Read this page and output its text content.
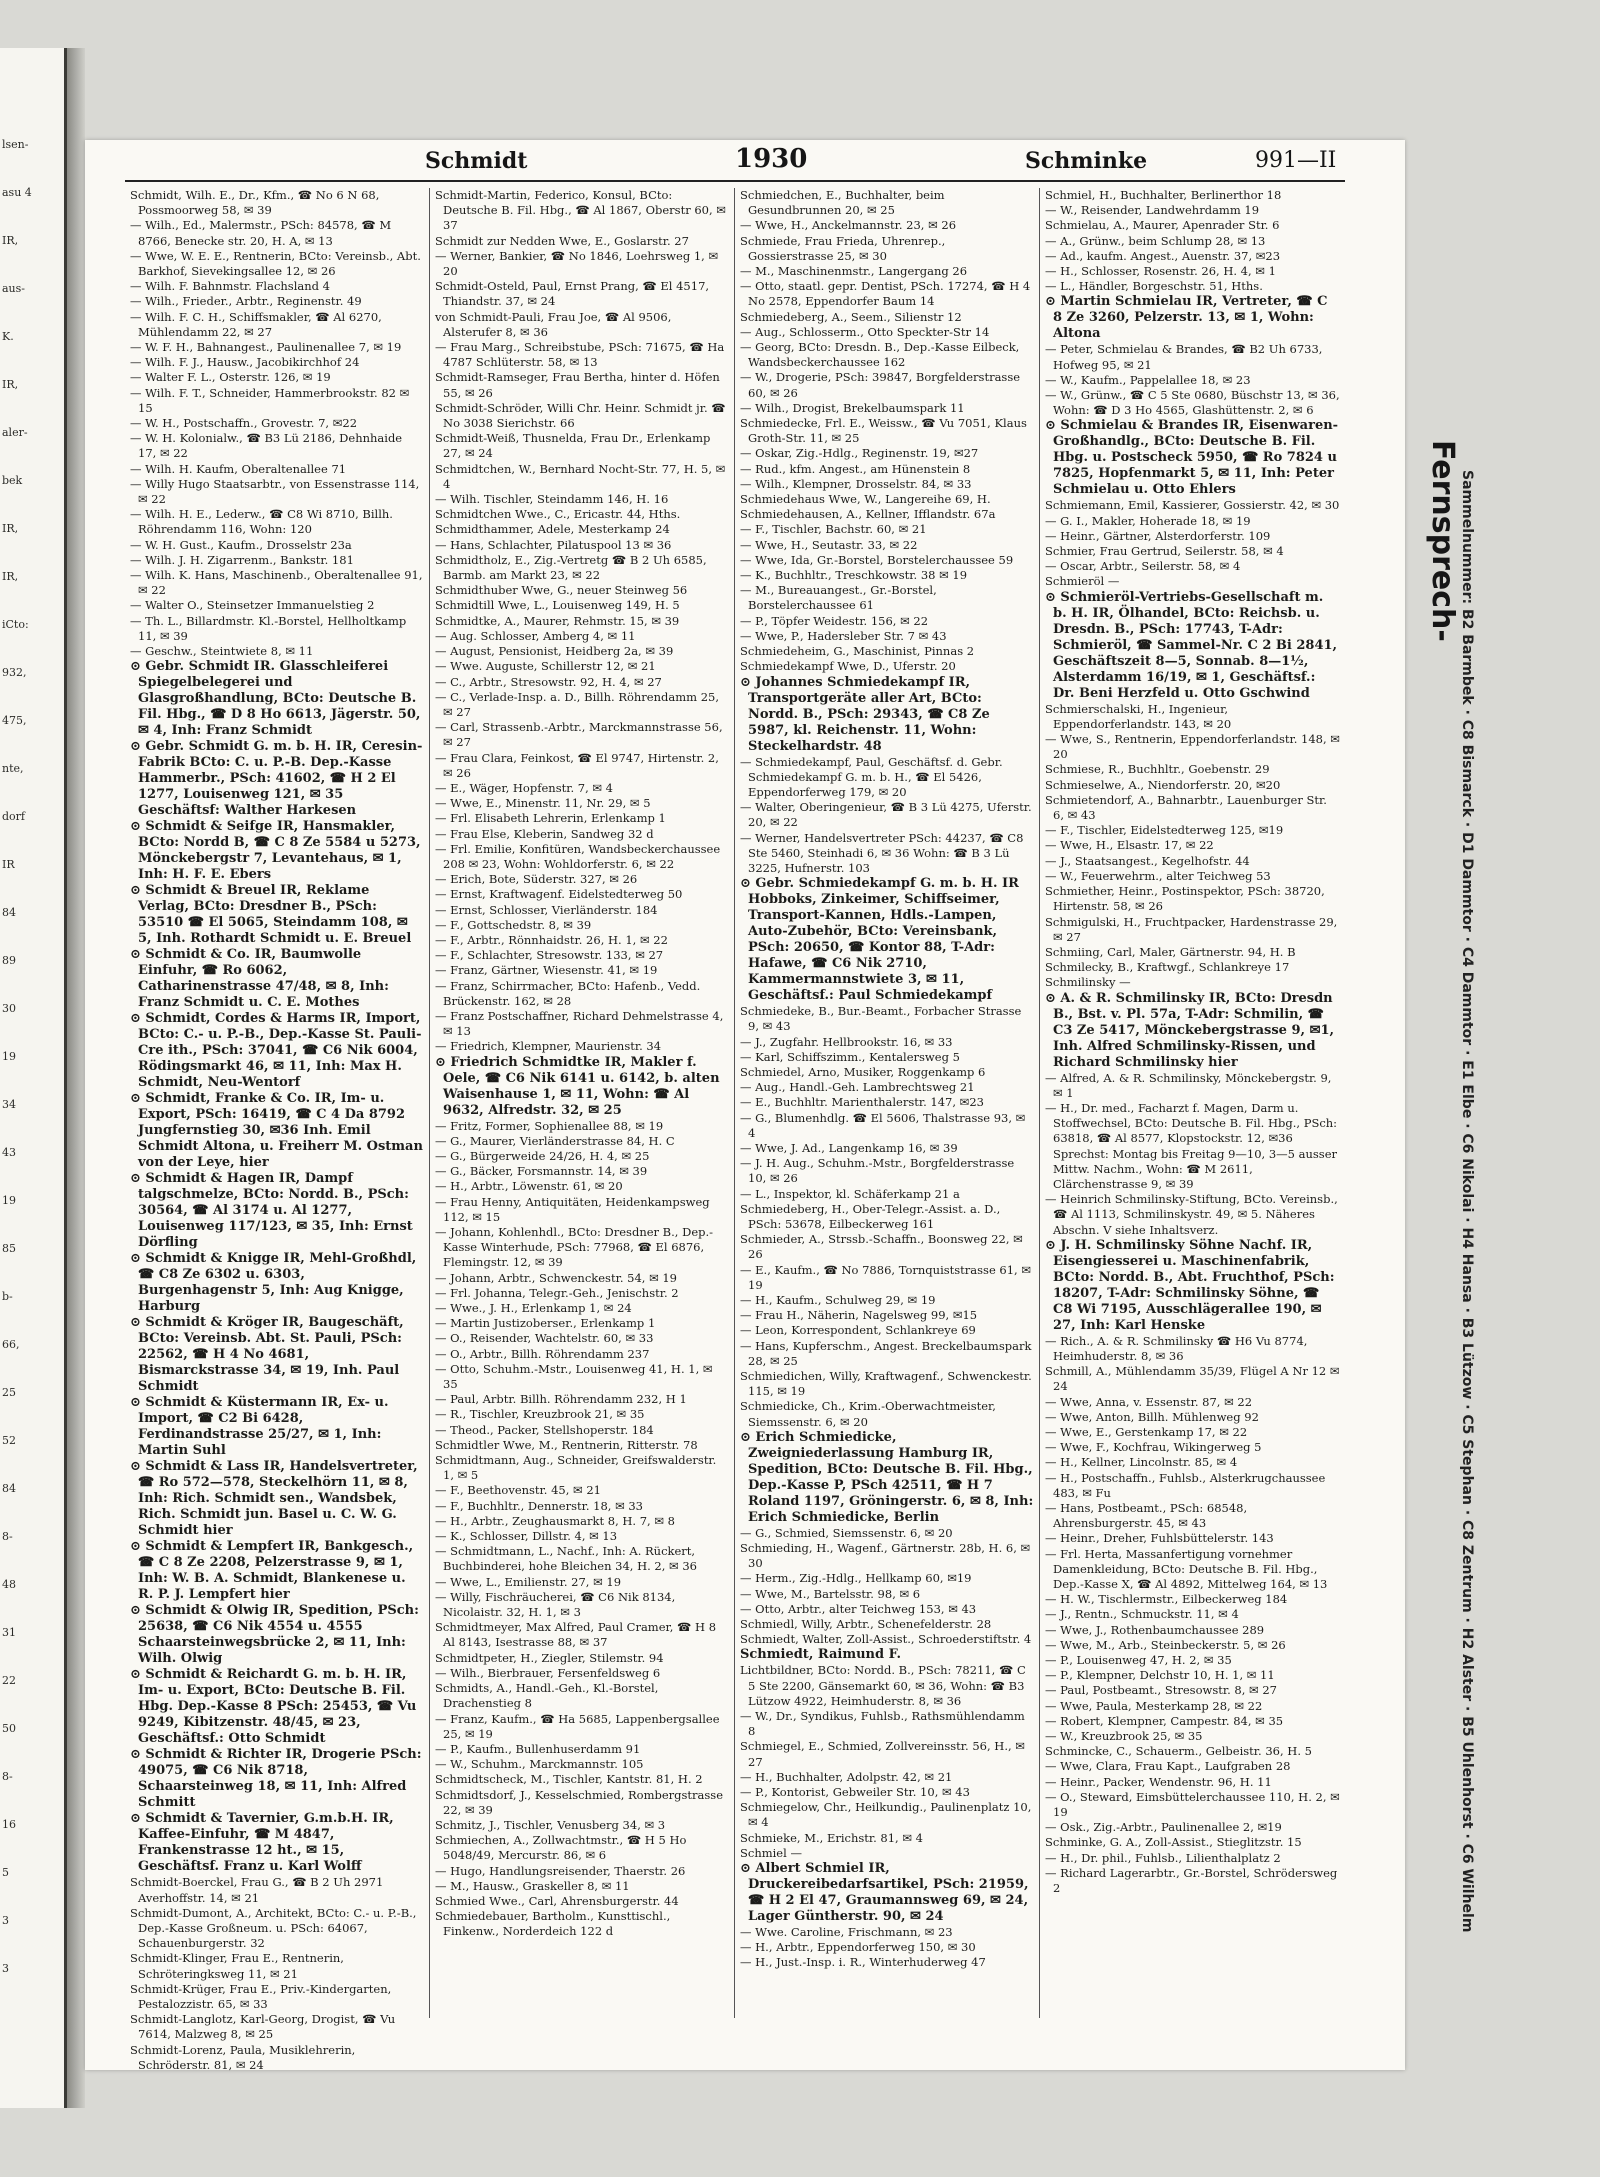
lsen-
asu 4
IR,
aus-
K.
IR,
aler-
bek
IR,
IR,
iCto:
932,
475,
nte,
dorf
IR
84
89
30
19
34
43
19
85
b-
66,
25
52
84
8-
48
31
22
50
8-
16
5
3
3
Schmidt	1930	Schminke	991—II

Schmidt, Wilh. E., Dr., Kfm., ☎ No 6 N 68, Possmoorweg 58, ✉ 39

— Wilh., Ed., Malermstr., PSch: 84578, ☎ M 8766, Benecke str. 20, H. A, ✉ 13

— Wwe, W. E. E., Rentnerin, BCto: Vereinsb., Abt. Barkhof, Sievekingsallee 12, ✉ 26

— Wilh. F. Bahnmstr. Flachsland 4

— Wilh., Frieder., Arbtr., Reginenstr. 49

— Wilh. F. C. H., Schiffsmakler, ☎ Al 6270, Mühlendamm 22, ✉ 27

— W. F. H., Bahnangest., Paulinenallee 7, ✉ 19

— Wilh. F. J., Hausw., Jacobikirchhof 24

— Walter F. L., Osterstr. 126, ✉ 19

— Wilh. F. T., Schneider, Hammerbrookstr. 82 ✉ 15

— W. H., Postschaffn., Grovestr. 7, ✉22

— W. H. Kolonialw., ☎ B3 Lü 2186, Dehnhaide 17, ✉ 22

— Wilh. H. Kaufm, Oberaltenallee 71

— Willy Hugo Staatsarbtr., von Essenstrasse 114, ✉ 22

— Wilh. H. E., Lederw., ☎ C8 Wi 8710, Billh. Röhrendamm 116, Wohn: 120

— W. H. Gust., Kaufm., Drosselstr 23a

— Wilh. J. H. Zigarrenm., Bankstr. 181

— Wilh. K. Hans, Maschinenb., Oberaltenallee 91, ✉ 22

— Walter O., Steinsetzer Immanuelstieg 2

— Th. L., Billardmstr. Kl.-Borstel, Hellholtkamp 11, ✉ 39

— Geschw., Steintwiete 8, ✉ 11

⊙ Gebr. Schmidt IR. Glasschleiferei Spiegelbelegerei und Glasgroßhandlung, BCto: Deutsche B. Fil. Hbg., ☎ D 8 Ho 6613, Jägerstr. 50, ✉ 4, Inh: Franz Schmidt

⊙ Gebr. Schmidt G. m. b. H. IR, Ceresin-Fabrik BCto: C. u. P.-B. Dep.-Kasse Hammerbr., PSch: 41602, ☎ H 2 El 1277, Louisenweg 121, ✉ 35 Geschäftsf: Walther Harkesen

⊙ Schmidt & Seifge IR, Hansmakler, BCto: Nordd B, ☎ C 8 Ze 5584 u 5273, Mönckebergstr 7, Levantehaus, ✉ 1, Inh: H. F. E. Ebers

⊙ Schmidt & Breuel IR, Reklame Verlag, BCto: Dresdner B., PSch: 53510 ☎ El 5065, Steindamm 108, ✉ 5, Inh. Rothardt Schmidt u. E. Breuel

⊙ Schmidt & Co. IR, Baumwolle Einfuhr, ☎ Ro 6062, Catharinenstrasse 47/48, ✉ 8, Inh: Franz Schmidt u. C. E. Mothes

⊙ Schmidt, Cordes & Harms IR, Import, BCto: C.- u. P.-B., Dep.-Kasse St. Pauli-Cre ith., PSch: 37041, ☎ C6 Nik 6004, Rödingsmarkt 46, ✉ 11, Inh: Max H. Schmidt, Neu-Wentorf

⊙ Schmidt, Franke & Co. IR, Im- u. Export, PSch: 16419, ☎ C 4 Da 8792 Jungfernstieg 30, ✉36 Inh. Emil Schmidt Altona, u. Freiherr M. Ostman von der Leye, hier

⊙ Schmidt & Hagen IR, Dampf talgschmelze, BCto: Nordd. B., PSch: 30564, ☎ Al 3174 u. Al 1277, Louisenweg 117/123, ✉ 35, Inh: Ernst Dörfling

⊙ Schmidt & Knigge IR, Mehl-Großhdl, ☎ C8 Ze 6302 u. 6303, Burgenhagenstr 5, Inh: Aug Knigge, Harburg

⊙ Schmidt & Kröger IR, Baugeschäft, BCto: Vereinsb. Abt. St. Pauli, PSch: 22562, ☎ H 4 No 4681, Bismarckstrasse 34, ✉ 19, Inh. Paul Schmidt

⊙ Schmidt & Küstermann IR, Ex- u. Import, ☎ C2 Bi 6428, Ferdinandstrasse 25/27, ✉ 1, Inh: Martin Suhl

⊙ Schmidt & Lass IR, Handelsvertreter, ☎ Ro 572—578, Steckelhörn 11, ✉ 8, Inh: Rich. Schmidt sen., Wandsbek, Rich. Schmidt jun. Basel u. C. W. G. Schmidt hier

⊙ Schmidt & Lempfert IR, Bankgesch., ☎ C 8 Ze 2208, Pelzerstrasse 9, ✉ 1, Inh: W. B. A. Schmidt, Blankenese u. R. P. J. Lempfert hier

⊙ Schmidt & Olwig IR, Spedition, PSch: 25638, ☎ C6 Nik 4554 u. 4555 Schaarsteinwegsbrücke 2, ✉ 11, Inh: Wilh. Olwig

⊙ Schmidt & Reichardt G. m. b. H. IR, Im- u. Export, BCto: Deutsche B. Fil. Hbg. Dep.-Kasse 8 PSch: 25453, ☎ Vu 9249, Kibitzenstr. 48/45, ✉ 23, Geschäftsf.: Otto Schmidt

⊙ Schmidt & Richter IR, Drogerie PSch: 49075, ☎ C6 Nik 8718, Schaarsteinweg 18, ✉ 11, Inh: Alfred Schmitt

⊙ Schmidt & Tavernier, G.m.b.H. IR, Kaffee-Einfuhr, ☎ M 4847, Frankenstrasse 12 ht., ✉ 15, Geschäftsf. Franz u. Karl Wolff

Schmidt-Boerckel, Frau G., ☎ B 2 Uh 2971 Averhoffstr. 14, ✉ 21

Schmidt-Dumont, A., Architekt, BCto: C.- u. P.-B., Dep.-Kasse Großneum. u. PSch: 64067, Schauenburgerstr. 32

Schmidt-Klinger, Frau E., Rentnerin, Schröteringksweg 11, ✉ 21

Schmidt-Krüger, Frau E., Priv.-Kindergarten, Pestalozzistr. 65, ✉ 33

Schmidt-Langlotz, Karl-Georg, Drogist, ☎ Vu 7614, Malzweg 8, ✉ 25

Schmidt-Lorenz, Paula, Musiklehrerin, Schröderstr. 81, ✉ 24

Schmidt-Martin, Federico, Konsul, BCto: Deutsche B. Fil. Hbg., ☎ Al 1867, Oberstr 60, ✉ 37

Schmidt zur Nedden Wwe, E., Goslarstr. 27

— Werner, Bankier, ☎ No 1846, Loehrsweg 1, ✉ 20

Schmidt-Osteld, Paul, Ernst Prang, ☎ El 4517, Thiandstr. 37, ✉ 24

von Schmidt-Pauli, Frau Joe, ☎ Al 9506, Alsterufer 8, ✉ 36

— Frau Marg., Schreibstube, PSch: 71675, ☎ Ha 4787 Schlüterstr. 58, ✉ 13

Schmidt-Ramseger, Frau Bertha, hinter d. Höfen 55, ✉ 26

Schmidt-Schröder, Willi Chr. Heinr. Schmidt jr. ☎ No 3038 Sierichstr. 66

Schmidt-Weiß, Thusnelda, Frau Dr., Erlenkamp 27, ✉ 24

Schmidtchen, W., Bernhard Nocht-Str. 77, H. 5, ✉ 4

— Wilh. Tischler, Steindamm 146, H. 16

Schmidtchen Wwe., C., Ericastr. 44, Hths.

Schmidthammer, Adele, Mesterkamp 24

— Hans, Schlachter, Pilatuspool 13 ✉ 36

Schmidtholz, E., Zig.-Vertretg ☎ B 2 Uh 6585, Barmb. am Markt 23, ✉ 22

Schmidthuber Wwe, G., neuer Steinweg 56

Schmidtill Wwe, L., Louisenweg 149, H. 5

Schmidtke, A., Maurer, Rehmstr. 15, ✉ 39

— Aug. Schlosser, Amberg 4, ✉ 11

— August, Pensionist, Heidberg 2a, ✉ 39

— Wwe. Auguste, Schillerstr 12, ✉ 21

— C., Arbtr., Stresowstr. 92, H. 4, ✉ 27

— C., Verlade-Insp. a. D., Billh. Röhrendamm 25, ✉ 27

— Carl, Strassenb.-Arbtr., Marckmannstrasse 56, ✉ 27

— Frau Clara, Feinkost, ☎ El 9747, Hirtenstr. 2, ✉ 26

— E., Wäger, Hopfenstr. 7, ✉ 4

— Wwe, E., Minenstr. 11, Nr. 29, ✉ 5

— Frl. Elisabeth Lehrerin, Erlenkamp 1

— Frau Else, Kleberin, Sandweg 32 d

— Frl. Emilie, Konfitüren, Wandsbeckerchaussee 208 ✉ 23, Wohn: Wohldorferstr. 6, ✉ 22

— Erich, Bote, Süderstr. 327, ✉ 26

— Ernst, Kraftwagenf. Eidelstedterweg 50

— Ernst, Schlosser, Vierländerstr. 184

— F., Gottschedstr. 8, ✉ 39

— F., Arbtr., Rönnhaidstr. 26, H. 1, ✉ 22

— F., Schlachter, Stresowstr. 133, ✉ 27

— Franz, Gärtner, Wiesenstr. 41, ✉ 19

— Franz, Schirrmacher, BCto: Hafenb., Vedd. Brückenstr. 162, ✉ 28

— Franz Postschaffner, Richard Dehmelstrasse 4, ✉ 13

— Friedrich, Klempner, Maurienstr. 34

⊙ Friedrich Schmidtke IR, Makler f. Oele, ☎ C6 Nik 6141 u. 6142, b. alten Waisenhause 1, ✉ 11, Wohn: ☎ Al 9632, Alfredstr. 32, ✉ 25

— Fritz, Former, Sophienallee 88, ✉ 19

— G., Maurer, Vierländerstrasse 84, H. C

— G., Bürgerweide 24/26, H. 4, ✉ 25

— G., Bäcker, Forsmannstr. 14, ✉ 39

— H., Arbtr., Löwenstr. 61, ✉ 20

— Frau Henny, Antiquitäten, Heidenkampsweg 112, ✉ 15

— Johann, Kohlenhdl., BCto: Dresdner B., Dep.-Kasse Winterhude, PSch: 77968, ☎ El 6876, Flemingstr. 12, ✉ 39

— Johann, Arbtr., Schwenckestr. 54, ✉ 19

— Frl. Johanna, Telegr.-Geh., Jenischstr. 2

— Wwe., J. H., Erlenkamp 1, ✉ 24

— Martin Justizoberser., Erlenkamp 1

— O., Reisender, Wachtelstr. 60, ✉ 33

— O., Arbtr., Billh. Röhrendamm 237

— Otto, Schuhm.-Mstr., Louisenweg 41, H. 1, ✉ 35

— Paul, Arbtr. Billh. Röhrendamm 232, H 1

— R., Tischler, Kreuzbrook 21, ✉ 35

— Theod., Packer, Stellshoperstr. 184

Schmidtler Wwe, M., Rentnerin, Ritterstr. 78

Schmidtmann, Aug., Schneider, Greifswalderstr. 1, ✉ 5

— F., Beethovenstr. 45, ✉ 21

— F., Buchhltr., Dennerstr. 18, ✉ 33

— H., Arbtr., Zeughausmarkt 8, H. 7, ✉ 8

— K., Schlosser, Dillstr. 4, ✉ 13

— Schmidtmann, L., Nachf., Inh: A. Rückert, Buchbinderei, hohe Bleichen 34, H. 2, ✉ 36

— Wwe, L., Emilienstr. 27, ✉ 19

— Willy, Fischräucherei, ☎ C6 Nik 8134, Nicolaistr. 32, H. 1, ✉ 3

Schmidtmeyer, Max Alfred, Paul Cramer, ☎ H 8 Al 8143, Isestrasse 88, ✉ 37

Schmidtpeter, H., Ziegler, Stilemstr. 94

— Wilh., Bierbrauer, Fersenfeldsweg 6

Schmidts, A., Handl.-Geh., Kl.-Borstel, Drachenstieg 8

— Franz, Kaufm., ☎ Ha 5685, Lappenbergsallee 25, ✉ 19

— P., Kaufm., Bullenhuserdamm 91

— W., Schuhm., Marckmannstr. 105

Schmidtscheck, M., Tischler, Kantstr. 81, H. 2

Schmidtsdorf, J., Kesselschmied, Rombergstrasse 22, ✉ 39

Schmitz, J., Tischler, Venusberg 34, ✉ 3

Schmiechen, A., Zollwachtmstr., ☎ H 5 Ho 5048/49, Mercurstr. 86, ✉ 6

— Hugo, Handlungsreisender, Thaerstr. 26

— M., Hausw., Graskeller 8, ✉ 11

Schmied Wwe., Carl, Ahrensburgerstr. 44

Schmiedebauer, Bartholm., Kunsttischl., Finkenw., Norderdeich 122 d

Schmiedchen, E., Buchhalter, beim Gesundbrunnen 20, ✉ 25

— Wwe, H., Anckelmannstr. 23, ✉ 26

Schmiede, Frau Frieda, Uhrenrep., Gossierstrasse 25, ✉ 30

— M., Maschinenmstr., Langergang 26

— Otto, staatl. gepr. Dentist, PSch. 17274, ☎ H 4 No 2578, Eppendorfer Baum 14

Schmiedeberg, A., Seem., Silienstr 12

— Aug., Schlosserm., Otto Speckter-Str 14

— Georg, BCto: Dresdn. B., Dep.-Kasse Eilbeck, Wandsbeckerchaussee 162

— W., Drogerie, PSch: 39847, Borgfelderstrasse 60, ✉ 26

— Wilh., Drogist, Brekelbaumspark 11

Schmiedecke, Frl. E., Weissw., ☎ Vu 7051, Klaus Groth-Str. 11, ✉ 25

— Oskar, Zig.-Hdlg., Reginenstr. 19, ✉27

— Rud., kfm. Angest., am Hünenstein 8

— Wilh., Klempner, Drosselstr. 84, ✉ 33

Schmiedehaus Wwe, W., Langereihe 69, H.

Schmiedehausen, A., Kellner, Ifflandstr. 67a

— F., Tischler, Bachstr. 60, ✉ 21

— Wwe, H., Seutastr. 33, ✉ 22

— Wwe, Ida, Gr.-Borstel, Borstelerchaussee 59

— K., Buchhltr., Treschkowstr. 38 ✉ 19

— M., Bureauangest., Gr.-Borstel, Borstelerchaussee 61

— P., Töpfer Weidestr. 156, ✉ 22

— Wwe, P., Hadersleber Str. 7 ✉ 43

Schmiedeheim, G., Maschinist, Pinnas 2

Schmiedekampf Wwe, D., Uferstr. 20

⊙ Johannes Schmiedekampf IR, Transportgeräte aller Art, BCto: Nordd. B., PSch: 29343, ☎ C8 Ze 5987, kl. Reichenstr. 11, Wohn: Steckelhardstr. 48

— Schmiedekampf, Paul, Geschäftsf. d. Gebr. Schmiedekampf G. m. b. H., ☎ El 5426, Eppendorferweg 179, ✉ 20

— Walter, Oberingenieur, ☎ B 3 Lü 4275, Uferstr. 20, ✉ 22

— Werner, Handelsvertreter PSch: 44237, ☎ C8 Ste 5460, Steinhadi 6, ✉ 36 Wohn: ☎ B 3 Lü 3225, Hufnerstr. 103

⊙ Gebr. Schmiedekampf G. m. b. H. IR Hobboks, Zinkeimer, Schiffseimer, Transport-Kannen, Hdls.-Lampen, Auto-Zubehör, BCto: Vereinsbank, PSch: 20650, ☎ Kontor 88, T-Adr: Hafawe, ☎ C6 Nik 2710, Kammermannstwiete 3, ✉ 11, Geschäftsf.: Paul Schmiedekampf

Schmiedeke, B., Bur.-Beamt., Forbacher Strasse 9, ✉ 43

— J., Zugfahr. Hellbrookstr. 16, ✉ 33

— Karl, Schiffszimm., Kentalersweg 5

Schmiedel, Arno, Musiker, Roggenkamp 6

— Aug., Handl.-Geh. Lambrechtsweg 21

— E., Buchhltr. Marienthalerstr. 147, ✉23

— G., Blumenhdlg. ☎ El 5606, Thalstrasse 93, ✉ 4

— Wwe, J. Ad., Langenkamp 16, ✉ 39

— J. H. Aug., Schuhm.-Mstr., Borgfelderstrasse 10, ✉ 26

— L., Inspektor, kl. Schäferkamp 21 a

Schmiedeberg, H., Ober-Telegr.-Assist. a. D., PSch: 53678, Eilbeckerweg 161

Schmieder, A., Strssb.-Schaffn., Boonsweg 22, ✉ 26

— E., Kaufm., ☎ No 7886, Tornquiststrasse 61, ✉ 19

— H., Kaufm., Schulweg 29, ✉ 19

— Frau H., Näherin, Nagelsweg 99, ✉15

— Leon, Korrespondent, Schlankreye 69

— Hans, Kupferschm., Angest. Breckelbaumspark 28, ✉ 25

Schmiedichen, Willy, Kraftwagenf., Schwenckestr. 115, ✉ 19

Schmiedicke, Ch., Krim.-Oberwachtmeister, Siemssenstr. 6, ✉ 20

⊙ Erich Schmiedicke, Zweigniederlassung Hamburg IR, Spedition, BCto: Deutsche B. Fil. Hbg., Dep.-Kasse P, PSch 42511, ☎ H 7 Roland 1197, Gröningerstr. 6, ✉ 8, Inh: Erich Schmiedicke, Berlin

— G., Schmied, Siemssenstr. 6, ✉ 20

Schmieding, H., Wagenf., Gärtnerstr. 28b, H. 6, ✉ 30

— Herm., Zig.-Hdlg., Hellkamp 60, ✉19

— Wwe, M., Bartelsstr. 98, ✉ 6

— Otto, Arbtr., alter Teichweg 153, ✉ 43

Schmiedl, Willy, Arbtr., Schenefelderstr. 28

Schmiedt, Walter, Zoll-Assist., Schroederstiftstr. 4

Schmiedt, Raimund F.

Lichtbildner, BCto: Nordd. B., PSch: 78211, ☎ C 5 Ste 2200, Gänsemarkt 60, ✉ 36, Wohn: ☎ B3 Lützow 4922, Heimhuderstr. 8, ✉ 36

— W., Dr., Syndikus, Fuhlsb., Rathsmühlendamm 8

Schmiegel, E., Schmied, Zollvereinsstr. 56, H., ✉ 27

— H., Buchhalter, Adolpstr. 42, ✉ 21

— P., Kontorist, Gebweiler Str. 10, ✉ 43

Schmiegelow, Chr., Heilkundig., Paulinenplatz 10, ✉ 4

Schmieke, M., Erichstr. 81, ✉ 4

Schmiel —

⊙ Albert Schmiel IR, Druckereibedarfsartikel, PSch: 21959, ☎ H 2 El 47, Graumannsweg 69, ✉ 24, Lager Güntherstr. 90, ✉ 24

— Wwe. Caroline, Frischmann, ✉ 23

— H., Arbtr., Eppendorferweg 150, ✉ 30

— H., Just.-Insp. i. R., Winterhuderweg 47

Schmiel, H., Buchhalter, Berlinerthor 18

— W., Reisender, Landwehrdamm 19

Schmielau, A., Maurer, Apenrader Str. 6

— A., Grünw., beim Schlump 28, ✉ 13

— Ad., kaufm. Angest., Auenstr. 37, ✉23

— H., Schlosser, Rosenstr. 26, H. 4, ✉ 1

— L., Händler, Borgeschstr. 51, Hths.

⊙ Martin Schmielau IR, Vertreter, ☎ C 8 Ze 3260, Pelzerstr. 13, ✉ 1, Wohn: Altona

— Peter, Schmielau & Brandes, ☎ B2 Uh 6733, Hofweg 95, ✉ 21

— W., Kaufm., Pappelallee 18, ✉ 23

— W., Grünw., ☎ C 5 Ste 0680, Büschstr 13, ✉ 36, Wohn: ☎ D 3 Ho 4565, Glashüttenstr. 2, ✉ 6

⊙ Schmielau & Brandes IR, Eisenwaren-Großhandlg., BCto: Deutsche B. Fil. Hbg. u. Postscheck 5950, ☎ Ro 7824 u 7825, Hopfenmarkt 5, ✉ 11, Inh: Peter Schmielau u. Otto Ehlers

Schmiemann, Emil, Kassierer, Gossierstr. 42, ✉ 30

— G. I., Makler, Hoherade 18, ✉ 19

— Heinr., Gärtner, Alsterdorferstr. 109

Schmier, Frau Gertrud, Seilerstr. 58, ✉ 4

— Oscar, Arbtr., Seilerstr. 58, ✉ 4

Schmieröl —

⊙ Schmieröl-Vertriebs-Gesellschaft m. b. H. IR, Ölhandel, BCto: Reichsb. u. Dresdn. B., PSch: 17743, T-Adr: Schmieröl, ☎ Sammel-Nr. C 2 Bi 2841, Geschäftszeit 8—5, Sonnab. 8—1½, Alsterdamm 16/19, ✉ 1, Geschäftsf.: Dr. Beni Herzfeld u. Otto Gschwind

Schmierschalski, H., Ingenieur, Eppendorferlandstr. 143, ✉ 20

— Wwe, S., Rentnerin, Eppendorferlandstr. 148, ✉ 20

Schmiese, R., Buchhltr., Goebenstr. 29

Schmieselwe, A., Niendorferstr. 20, ✉20

Schmietendorf, A., Bahnarbtr., Lauenburger Str. 6, ✉ 43

— F., Tischler, Eidelstedterweg 125, ✉19

— Wwe, H., Elsastr. 17, ✉ 22

— J., Staatsangest., Kegelhofstr. 44

— W., Feuerwehrm., alter Teichweg 53

Schmiether, Heinr., Postinspektor, PSch: 38720, Hirtenstr. 58, ✉ 26

Schmigulski, H., Fruchtpacker, Hardenstrasse 29, ✉ 27

Schmiing, Carl, Maler, Gärtnerstr. 94, H. B

Schmilecky, B., Kraftwgf., Schlankreye 17

Schmilinsky —

⊙ A. & R. Schmilinsky IR, BCto: Dresdn B., Bst. v. Pl. 57a, T-Adr: Schmilin, ☎ C3 Ze 5417, Mönckebergstrasse 9, ✉1, Inh. Alfred Schmilinsky-Rissen, und Richard Schmilinsky hier

— Alfred, A. & R. Schmilinsky, Mönckebergstr. 9, ✉ 1

— H., Dr. med., Facharzt f. Magen, Darm u. Stoffwechsel, BCto: Deutsche B. Fil. Hbg., PSch: 63818, ☎ Al 8577, Klopstockstr. 12, ✉36 Sprechst: Montag bis Freitag 9—10, 3—5 ausser Mittw. Nachm., Wohn: ☎ M 2611, Clärchenstrasse 9, ✉ 39

— Heinrich Schmilinsky-Stiftung, BCto. Vereinsb., ☎ Al 1113, Schmilinskystr. 49, ✉ 5. Näheres Abschn. V siehe Inhaltsverz.

⊙ J. H. Schmilinsky Söhne Nachf. IR, Eisengiesserei u. Maschinenfabrik, BCto: Nordd. B., Abt. Fruchthof, PSch: 18207, T-Adr: Schmilinsky Söhne, ☎ C8 Wi 7195, Ausschlägerallee 190, ✉ 27, Inh: Karl Henske

— Rich., A. & R. Schmilinsky ☎ H6 Vu 8774, Heimhuderstr. 8, ✉ 36

Schmill, A., Mühlendamm 35/39, Flügel A Nr 12 ✉ 24

— Wwe, Anna, v. Essenstr. 87, ✉ 22

— Wwe, Anton, Billh. Mühlenweg 92

— Wwe, E., Gerstenkamp 17, ✉ 22

— Wwe, F., Kochfrau, Wikingerweg 5

— H., Kellner, Lincolnstr. 85, ✉ 4

— H., Postschaffn., Fuhlsb., Alsterkrugchaussee 483, ✉ Fu

— Hans, Postbeamt., PSch: 68548, Ahrensburgerstr. 45, ✉ 43

— Heinr., Dreher, Fuhlsbüttelerstr. 143

— Frl. Herta, Massanfertigung vornehmer Damenkleidung, BCto: Deutsche B. Fil. Hbg., Dep.-Kasse X, ☎ Al 4892, Mittelweg 164, ✉ 13

— H. W., Tischlermstr., Eilbeckerweg 184

— J., Rentn., Schmuckstr. 11, ✉ 4

— Wwe, J., Rothenbaumchaussee 289

— Wwe, M., Arb., Steinbeckerstr. 5, ✉ 26

— P., Louisenweg 47, H. 2, ✉ 35

— P., Klempner, Delchstr 10, H. 1, ✉ 11

— Paul, Postbeamt., Stresowstr. 8, ✉ 27

— Wwe, Paula, Mesterkamp 28, ✉ 22

— Robert, Klempner, Campestr. 84, ✉ 35

— W., Kreuzbrook 25, ✉ 35

Schmincke, C., Schauerm., Gelbeistr. 36, H. 5

— Wwe, Clara, Frau Kapt., Laufgraben 28

— Heinr., Packer, Wendenstr. 96, H. 11

— O., Steward, Eimsbüttelerchaussee 110, H. 2, ✉ 19

— Osk., Zig.-Arbtr., Paulinenallee 2, ✉19

Schminke, G. A., Zoll-Assist., Stieglitzstr. 15

— H., Dr. phil., Fuhlsb., Lilienthalplatz 2

— Richard Lagerarbtr., Gr.-Borstel, Schrödersweg 2

Fernsprech- Sammelnummer: B2 Barmbek · C8 Bismarck · D1 Dammtor · C4 Dammtor · E1 Elbe · C6 Nikolai · H4 Hansa · B3 Lützow · C5 Stephan · C8 Zentrum · H2 Alster · B5 Uhlenhorst · C6 Wilhelm
